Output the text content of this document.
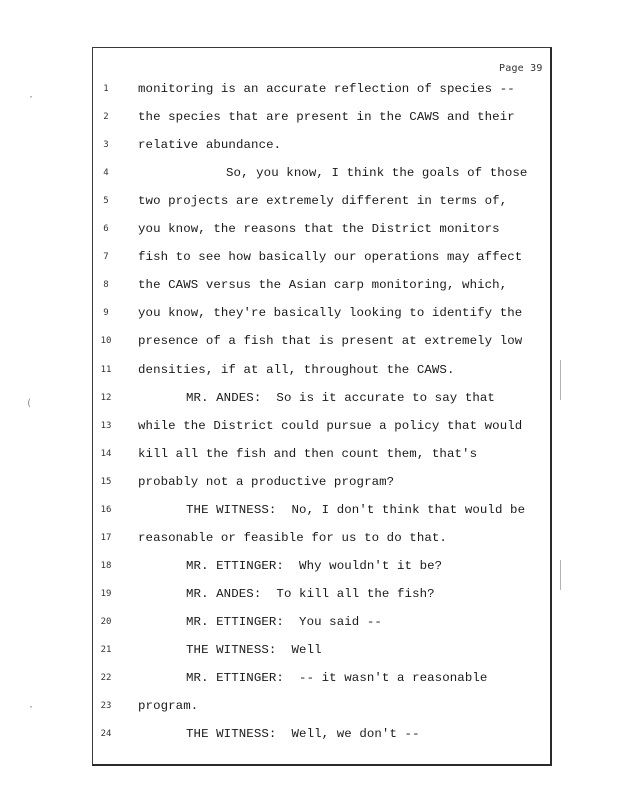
Page 39
1	monitoring is an accurate reflection of species --
2	the species that are present in the CAWS and their
3	relative abundance.
4	So, you know, I think the goals of those
5	two projects are extremely different in terms of,
6	you know, the reasons that the District monitors
7	fish to see how basically our operations may affect
8	the CAWS versus the Asian carp monitoring, which,
9	you know, they're basically looking to identify the
10	presence of a fish that is present at extremely low
11	densities, if at all, throughout the CAWS.
12	MR. ANDES:  So is it accurate to say that
13	while the District could pursue a policy that would
14	kill all the fish and then count them, that's
15	probably not a productive program?
16	THE WITNESS:  No, I don't think that would be
17	reasonable or feasible for us to do that.
18	MR. ETTINGER:  Why wouldn't it be?
19	MR. ANDES:  To kill all the fish?
20	MR. ETTINGER:  You said --
21	THE WITNESS:  Well
22	MR. ETTINGER:  -- it wasn't a reasonable
23	program.
24	THE WITNESS:  Well, we don't --
·
(
·
